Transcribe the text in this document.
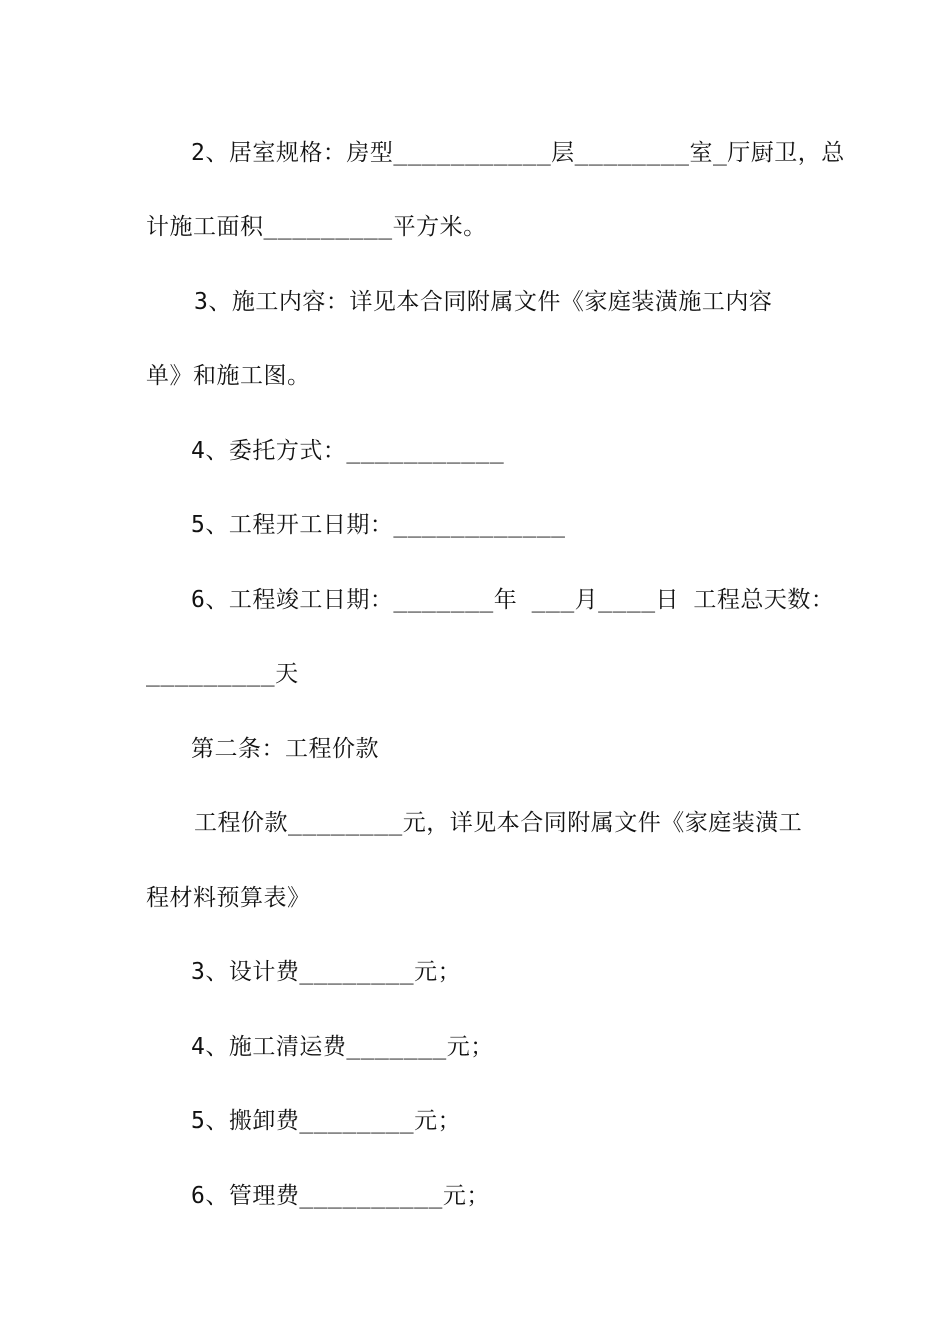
2、居室规格：房型___________层________室_厅厨卫，总
计施工面积_________平方米。
3、施工内容：详见本合同附属文件《家庭装潢施工内容
单》和施工图。
4、委托方式：___________
5、工程开工日期：____________
6、工程竣工日期：_______年 ___月____日 工程总天数：
_________天
第二条：工程价款
工程价款________元，详见本合同附属文件《家庭装潢工
程材料预算表》
3、设计费________元；
4、施工清运费_______元；
5、搬卸费________元；
6、管理费__________元；
